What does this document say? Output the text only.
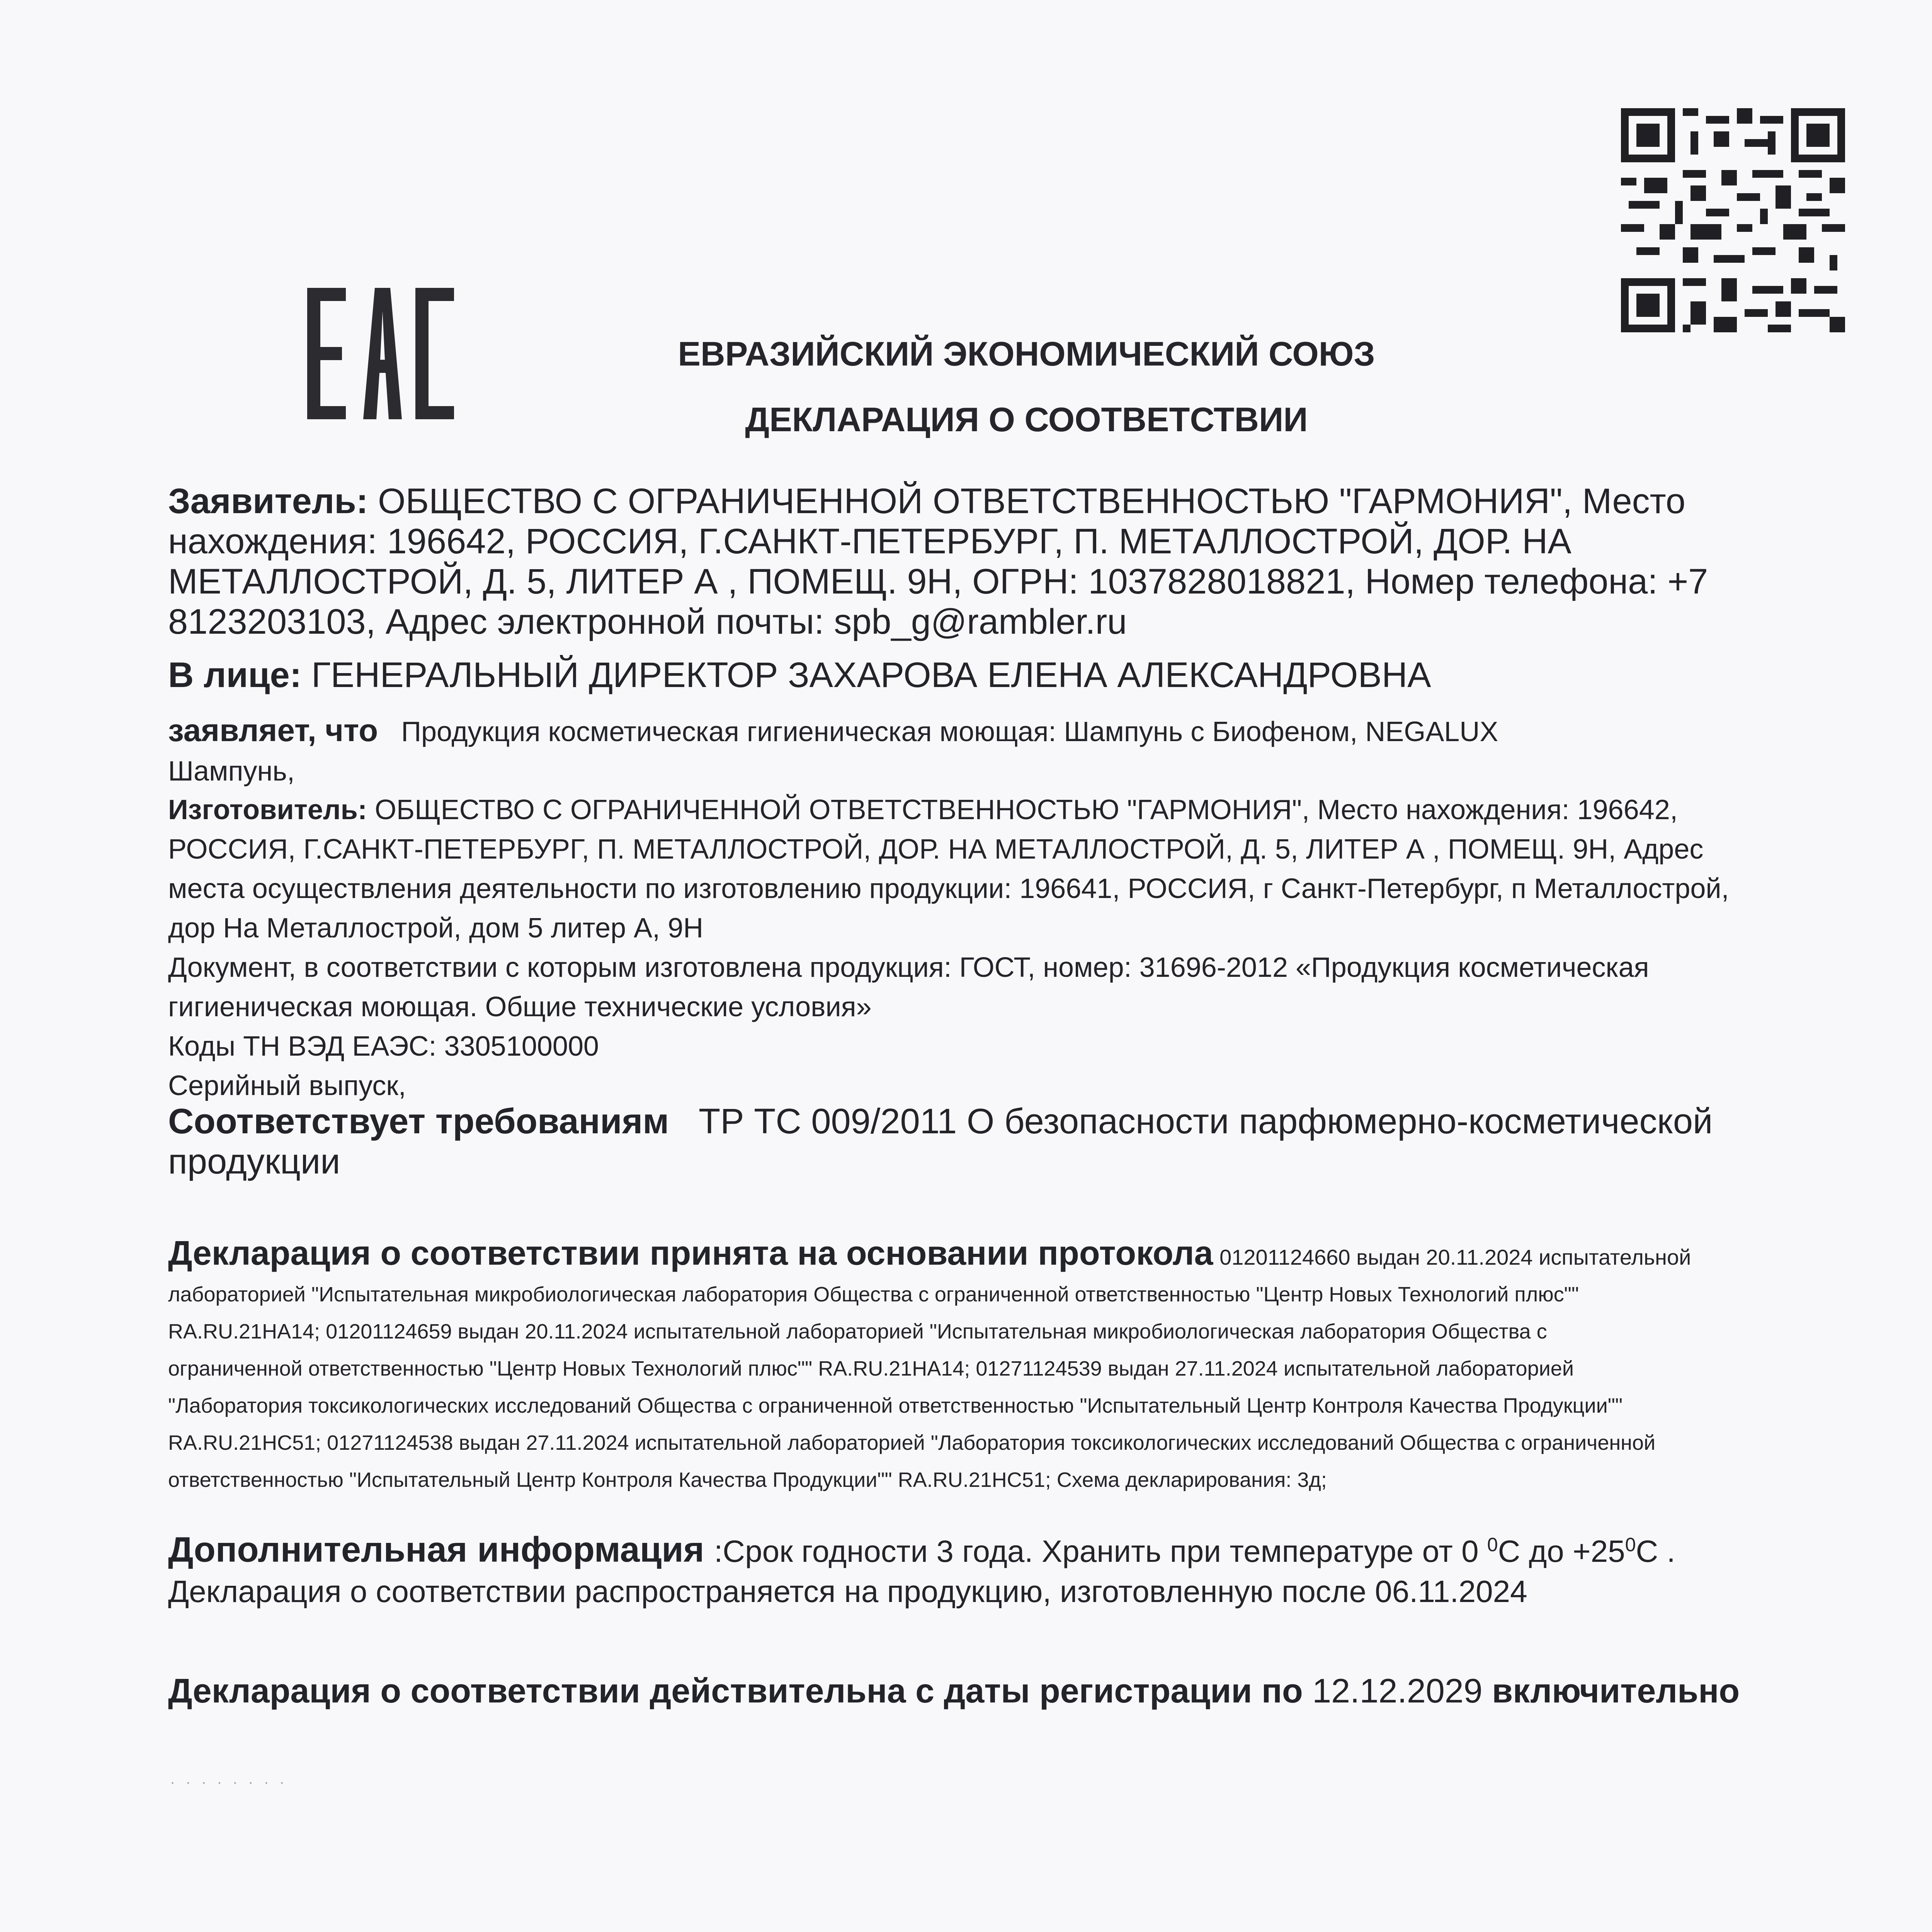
ЕВРАЗИЙСКИЙ ЭКОНОМИЧЕСКИЙ СОЮЗ
ДЕКЛАРАЦИЯ О СООТВЕТСТВИИ
Заявитель: ОБЩЕСТВО С ОГРАНИЧЕННОЙ ОТВЕТСТВЕННОСТЬЮ "ГАРМОНИЯ", Место
нахождения: 196642, РОССИЯ, Г.САНКТ-ПЕТЕРБУРГ, П. МЕТАЛЛОСТРОЙ, ДОР. НА
МЕТАЛЛОСТРОЙ, Д. 5, ЛИТЕР А , ПОМЕЩ. 9Н, ОГРН: 1037828018821, Номер телефона: +7
8123203103, Адрес электронной почты: spb_g@rambler.ru
В лице: ГЕНЕРАЛЬНЫЙ ДИРЕКТОР ЗАХАРОВА ЕЛЕНА АЛЕКСАНДРОВНА
заявляет, что Продукция косметическая гигиеническая моющая: Шампунь с Биофеном, NEGALUX
Шампунь,
Изготовитель: ОБЩЕСТВО С ОГРАНИЧЕННОЙ ОТВЕТСТВЕННОСТЬЮ "ГАРМОНИЯ", Место нахождения: 196642,
РОССИЯ, Г.САНКТ-ПЕТЕРБУРГ, П. МЕТАЛЛОСТРОЙ, ДОР. НА МЕТАЛЛОСТРОЙ, Д. 5, ЛИТЕР А , ПОМЕЩ. 9Н, Адрес
места осуществления деятельности по изготовлению продукции: 196641, РОССИЯ, г Санкт-Петербург, п Металлострой,
дор На Металлострой, дом 5 литер А, 9Н
Документ, в соответствии с которым изготовлена продукция: ГОСТ, номер: 31696-2012 «Продукция косметическая
гигиеническая моющая. Общие технические условия»
Коды ТН ВЭД ЕАЭС: 3305100000
Серийный выпуск,
Соответствует требованиям ТР ТС 009/2011 О безопасности парфюмерно-косметической
продукции
Декларация о соответствии принята на основании протокола 01201124660 выдан 20.11.2024 испытательной
лабораторией "Испытательная микробиологическая лаборатория Общества с ограниченной ответственностью "Центр Новых Технологий плюс""
RA.RU.21HA14; 01201124659 выдан 20.11.2024 испытательной лабораторией "Испытательная микробиологическая лаборатория Общества с
ограниченной ответственностью "Центр Новых Технологий плюс"" RA.RU.21HA14; 01271124539 выдан 27.11.2024 испытательной лабораторией
"Лаборатория токсикологических исследований Общества с ограниченной ответственностью "Испытательный Центр Контроля Качества Продукции""
RA.RU.21HC51; 01271124538 выдан 27.11.2024 испытательной лабораторией "Лаборатория токсикологических исследований Общества с ограниченной
ответственностью "Испытательный Центр Контроля Качества Продукции"" RA.RU.21HC51; Схема декларирования: 3д;
Дополнительная информация :Срок годности 3 года. Хранить при температуре от 0 $^0$С до $+25^0С$ .
Декларация о соответствии распространяется на продукцию, изготовленную после 06.11.2024
Декларация о соответствии действительна с даты регистрации по 12.12.2029 включительно
· · · · · · · ·
